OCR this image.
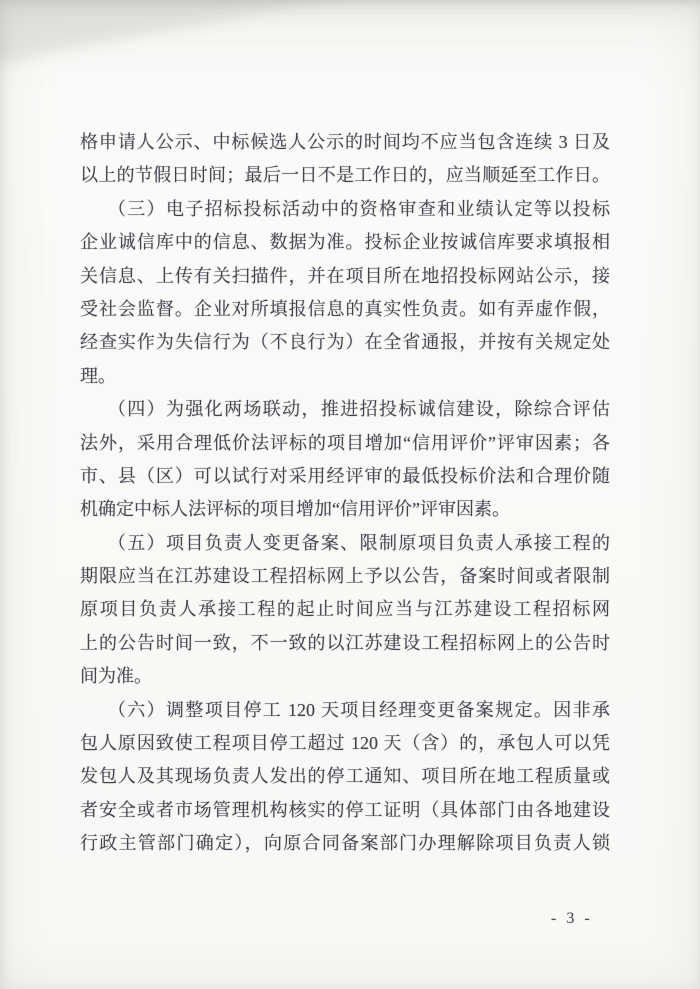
格申请人公示、中标候选人公示的时间均不应当包含连续 3 日及
以上的节假日时间；最后一日不是工作日的，应当顺延至工作日。
（三）电子招标投标活动中的资格审查和业绩认定等以投标
企业诚信库中的信息、数据为准。投标企业按诚信库要求填报相
关信息、上传有关扫描件，并在项目所在地招投标网站公示，接
受社会监督。企业对所填报信息的真实性负责。如有弄虚作假，
经查实作为失信行为（不良行为）在全省通报，并按有关规定处
理。
（四）为强化两场联动，推进招投标诚信建设，除综合评估
法外，采用合理低价法评标的项目增加“信用评价”评审因素；各
市、县（区）可以试行对采用经评审的最低投标价法和合理价随
机确定中标人法评标的项目增加“信用评价”评审因素。
（五）项目负责人变更备案、限制原项目负责人承接工程的
期限应当在江苏建设工程招标网上予以公告，备案时间或者限制
原项目负责人承接工程的起止时间应当与江苏建设工程招标网
上的公告时间一致，不一致的以江苏建设工程招标网上的公告时
间为准。
（六）调整项目停工 120 天项目经理变更备案规定。因非承
包人原因致使工程项目停工超过 120 天（含）的，承包人可以凭
发包人及其现场负责人发出的停工通知、项目所在地工程质量或
者安全或者市场管理机构核实的停工证明（具体部门由各地建设
行政主管部门确定），向原合同备案部门办理解除项目负责人锁
- 3 -
